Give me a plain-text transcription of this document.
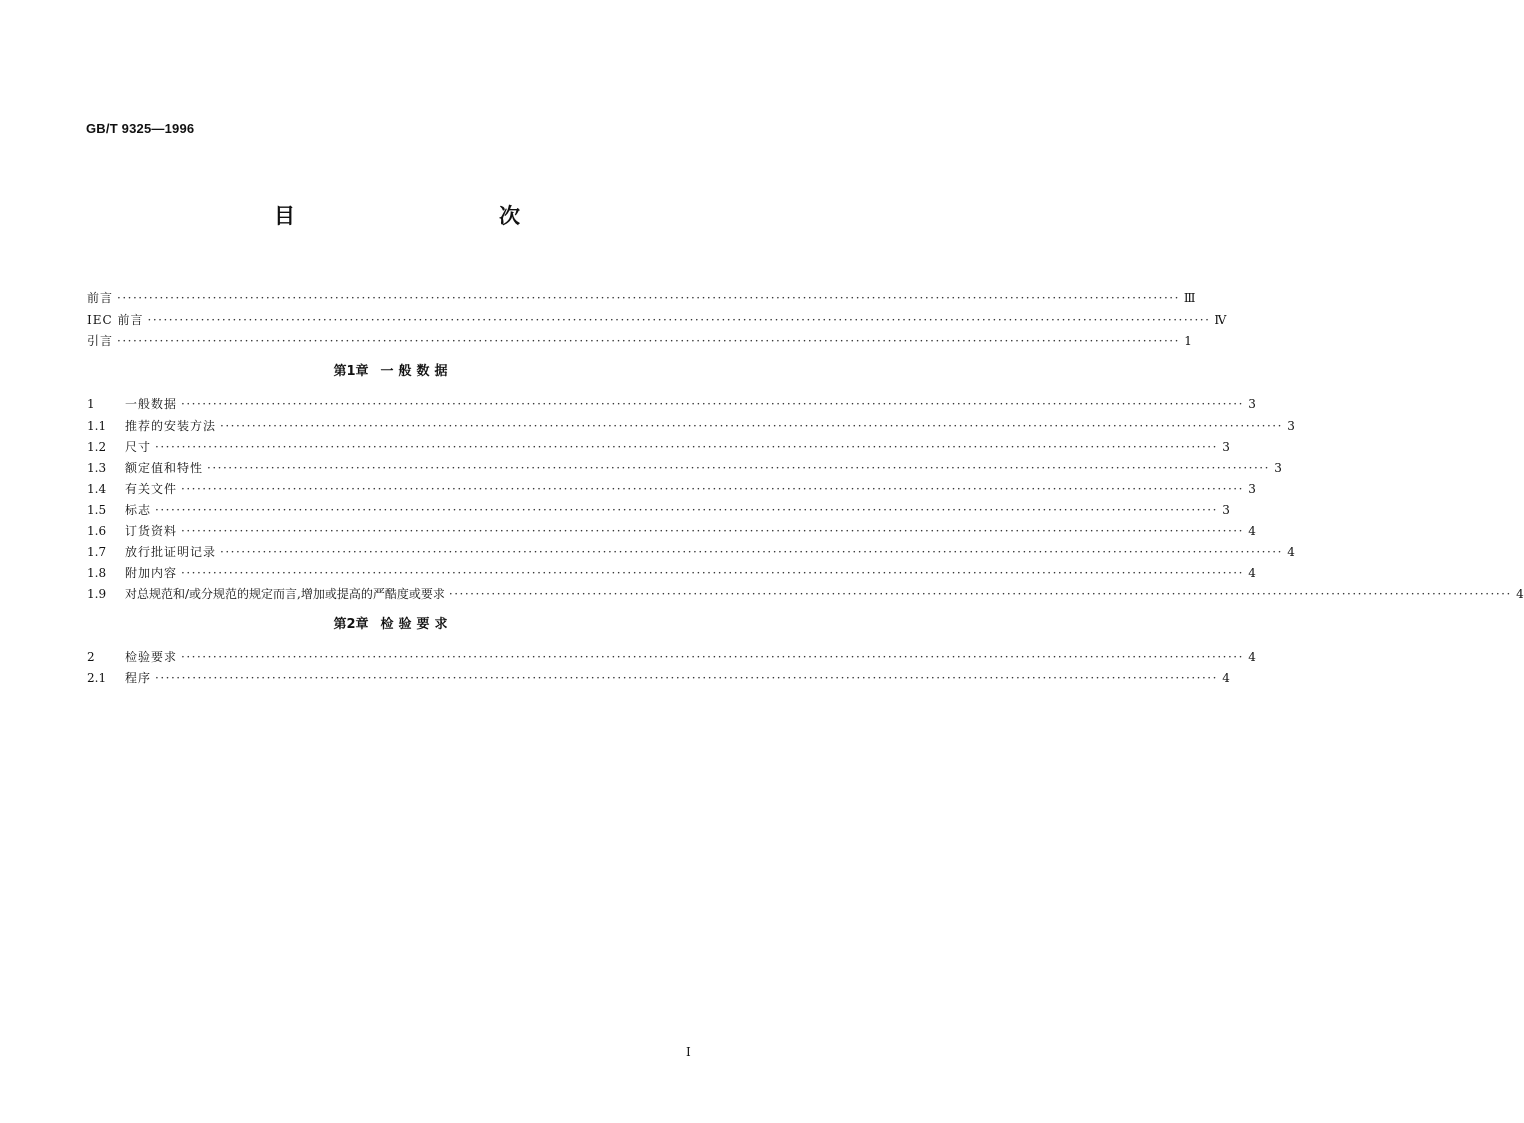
GB/T 9325—1996
目　　次
前言 ········································································································································································································ Ⅲ
IEC 前言 ········································································································································································································ Ⅳ
引言 ········································································································································································································ 1
第1章 一般数据
1	一般数据 ········································································································································································································ 3
1.1	推荐的安装方法 ········································································································································································································ 3
1.2	尺寸 ········································································································································································································ 3
1.3	额定值和特性 ········································································································································································································ 3
1.4	有关文件 ········································································································································································································ 3
1.5	标志 ········································································································································································································ 3
1.6	订货资料 ········································································································································································································ 4
1.7	放行批证明记录 ········································································································································································································ 4
1.8	附加内容 ········································································································································································································ 4
1.9	对总规范和/或分规范的规定而言,增加或提高的严酷度或要求 ········································································································································································································ 4
第2章 检验要求
2	检验要求 ········································································································································································································ 4
2.1	程序 ········································································································································································································ 4
I
